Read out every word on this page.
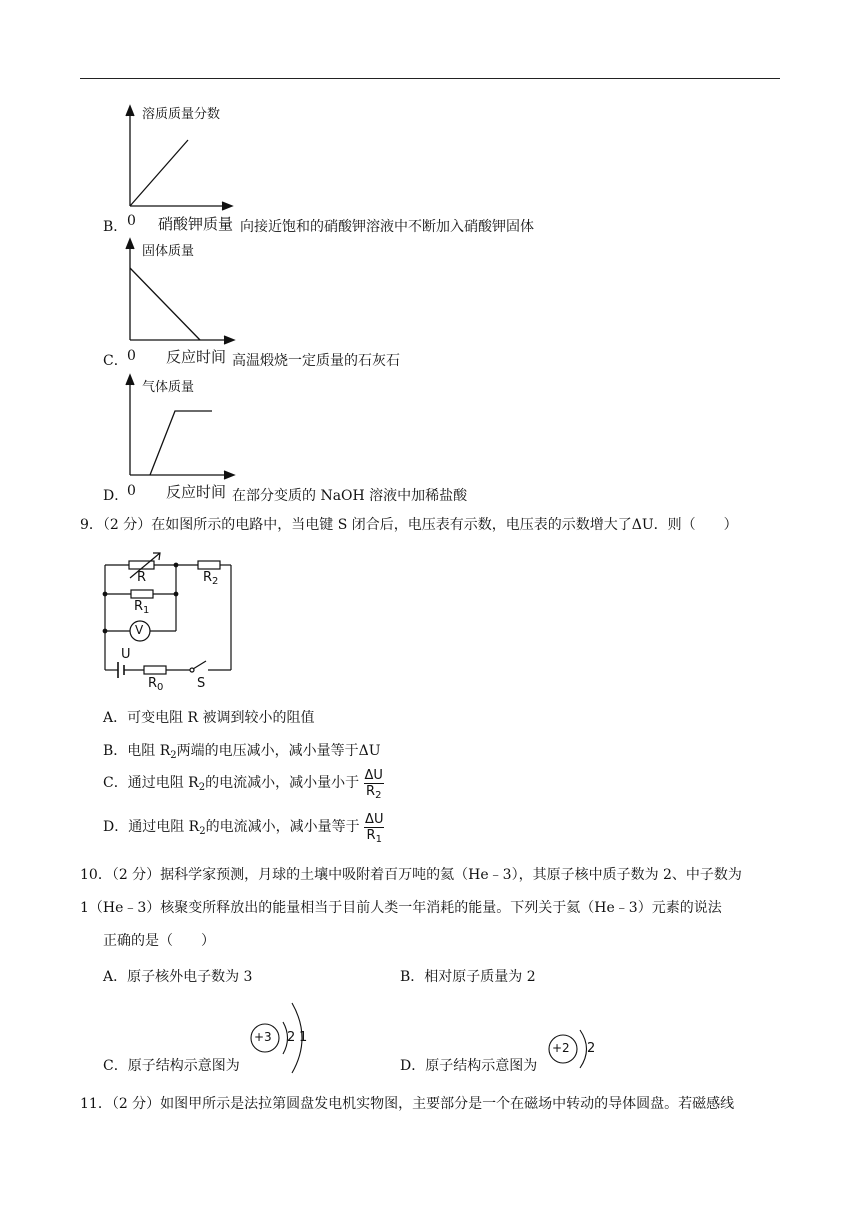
溶质质量分数
B． 0 硝酸钾质量 向接近饱和的硝酸钾溶液中不断加入硝酸钾固体
固体质量
C． 0 反应时间 高温煅烧一定质量的石灰石
气体质量
D．
0 反应时间 在部分变质的 NaOH 溶液中加稀盐酸
9．（2 分）在如图所示的电路中，当电键 S 闭合后，电压表有示数，电压表的示数增大了ΔU．则（　　）
R	$R_2$
$R_1$
V
U
$R_0$	S
A．可变电阻 R 被调到较小的阻值
B．电阻 $R_2$两端的电压减小，减小量等于ΔU
C．通过电阻 $R_2$的电流减小，减小量小于 $\frac{\Delta U}{R_2}$
D．通过电阻 $R_2$的电流减小，减小量等于 $\frac{\Delta U}{R_1}$
10．（2 分）据科学家预测，月球的土壤中吸附着百万吨的氦（He﹣3），其原子核中质子数为 2、中子数为
1（He﹣3）核聚变所释放出的能量相当于目前人类一年消耗的能量。下列关于氦（He﹣3）元素的说法
正确的是（　　）
A．原子核外电子数为 3	B．相对原子质量为 2
C．原子结构示意图为
+3 2 1
D．原子结构示意图为
+2 2
11．（2 分）如图甲所示是法拉第圆盘发电机实物图，主要部分是一个在磁场中转动的导体圆盘。若磁感线
